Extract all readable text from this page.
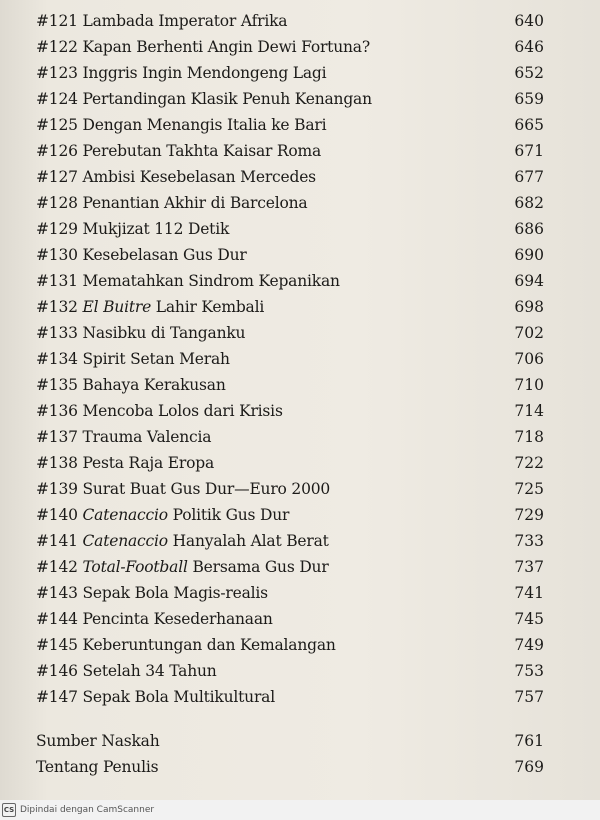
#121 Lambada Imperator Afrika	640
#122 Kapan Berhenti Angin Dewi Fortuna?	646
#123 Inggris Ingin Mendongeng Lagi	652
#124 Pertandingan Klasik Penuh Kenangan	659
#125 Dengan Menangis Italia ke Bari	665
#126 Perebutan Takhta Kaisar Roma	671
#127 Ambisi Kesebelasan Mercedes	677
#128 Penantian Akhir di Barcelona	682
#129 Mukjizat 112 Detik	686
#130 Kesebelasan Gus Dur	690
#131 Mematahkan Sindrom Kepanikan	694
#132 El Buitre Lahir Kembali	698
#133 Nasibku di Tanganku	702
#134 Spirit Setan Merah	706
#135 Bahaya Kerakusan	710
#136 Mencoba Lolos dari Krisis	714
#137 Trauma Valencia	718
#138 Pesta Raja Eropa	722
#139 Surat Buat Gus Dur—Euro 2000	725
#140 Catenaccio Politik Gus Dur	729
#141 Catenaccio Hanyalah Alat Berat	733
#142 Total-Football Bersama Gus Dur	737
#143 Sepak Bola Magis-realis	741
#144 Pencinta Kesederhanaan	745
#145 Keberuntungan dan Kemalangan	749
#146 Setelah 34 Tahun	753
#147 Sepak Bola Multikultural	757
Sumber Naskah	761
Tentang Penulis	769
CS Dipindai dengan CamScanner
